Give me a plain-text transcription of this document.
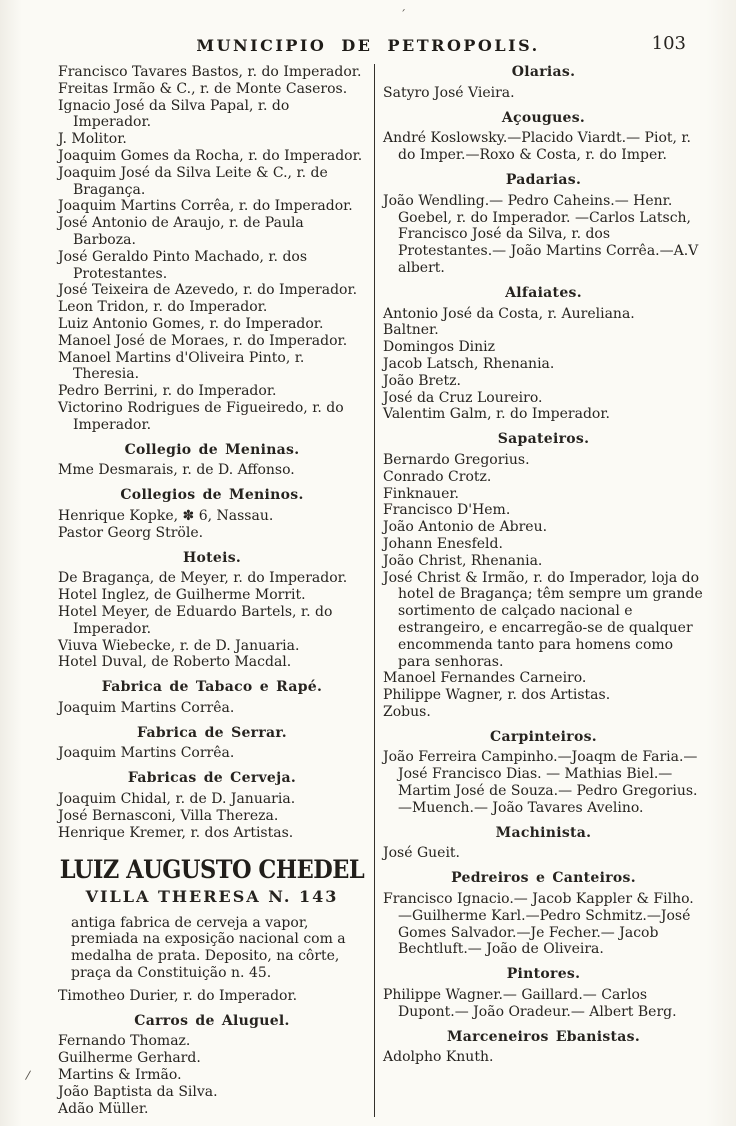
´
∕
MUNICIPIO DE PETROPOLIS.	103

Francisco Tavares Bastos, r. do Imperador.

Freitas Irmão & C., r. de Monte Caseros.

Ignacio José da Silva Papal, r. do Imperador.

J. Molitor.

Joaquim Gomes da Rocha, r. do Imperador.

Joaquim José da Silva Leite & C., r. de Bragança.

Joaquim Martins Corrêa, r. do Imperador.

José Antonio de Araujo, r. de Paula Barboza.

José Geraldo Pinto Machado, r. dos Protestantes.

José Teixeira de Azevedo, r. do Imperador.

Leon Tridon, r. do Imperador.

Luiz Antonio Gomes, r. do Imperador.

Manoel José de Moraes, r. do Imperador.

Manoel Martins d'Oliveira Pinto, r. Theresia.

Pedro Berrini, r. do Imperador.

Victorino Rodrigues de Figueiredo, r. do Imperador.

Collegio de Meninas.

Mme Desmarais, r. de D. Affonso.

Collegios de Meninos.

Henrique Kopke, ✽ 6, Nassau.

Pastor Georg Ströle.

Hoteis.

De Bragança, de Meyer, r. do Imperador.

Hotel Inglez, de Guilherme Morrit.

Hotel Meyer, de Eduardo Bartels, r. do Imperador.

Viuva Wiebecke, r. de D. Januaria.

Hotel Duval, de Roberto Macdal.

Fabrica de Tabaco e Rapé.

Joaquim Martins Corrêa.

Fabrica de Serrar.

Joaquim Martins Corrêa.

Fabricas de Cerveja.

Joaquim Chidal, r. de D. Januaria.

José Bernasconi, Villa Thereza.

Henrique Kremer, r. dos Artistas.

LUIZ AUGUSTO CHEDEL
VILLA THERESA N. 143

antiga fabrica de cerveja a vapor, premiada na exposição nacional com a medalha de prata. Deposito, na côrte, praça da Constituição n. 45.

Timotheo Durier, r. do Imperador.

Carros de Aluguel.

Fernando Thomaz.

Guilherme Gerhard.

Martins & Irmão.

João Baptista da Silva.

Adão Müller.

Olarias.

Satyro José Vieira.

Açougues.

André Koslowsky.—Placido Viardt.— Piot, r. do Imper.—Roxo & Costa, r. do Imper.

Padarias.

João Wendling.— Pedro Caheins.— Henr. Goebel, r. do Imperador. —Carlos Latsch, Francisco José da Silva, r. dos Protestantes.— João Martins Corrêa.—A.V albert.

Alfaiates.

Antonio José da Costa, r. Aureliana.

Baltner.

Domingos Diniz

Jacob Latsch, Rhenania.

João Bretz.

José da Cruz Loureiro.

Valentim Galm, r. do Imperador.

Sapateiros.

Bernardo Gregorius.

Conrado Crotz.

Finknauer.

Francisco D'Hem.

João Antonio de Abreu.

Johann Enesfeld.

João Christ, Rhenania.

José Christ & Irmão, r. do Imperador, loja do hotel de Bragança; têm sempre um grande sortimento de calçado nacional e estrangeiro, e encarregão-se de qualquer encommenda tanto para homens como para senhoras.

Manoel Fernandes Carneiro.

Philippe Wagner, r. dos Artistas.

Zobus.

Carpinteiros.

João Ferreira Campinho.—Joaqm de Faria.— José Francisco Dias. — Mathias Biel.— Martim José de Souza.— Pedro Gregorius.—Muench.— João Tavares Avelino.

Machinista.

José Gueit.

Pedreiros e Canteiros.

Francisco Ignacio.— Jacob Kappler & Filho.—Guilherme Karl.—Pedro Schmitz.—José Gomes Salvador.—Je Fecher.— Jacob Bechtluft.— João de Oliveira.

Pintores.

Philippe Wagner.— Gaillard.— Carlos Dupont.— João Oradeur.— Albert Berg.

Marceneiros Ebanistas.

Adolpho Knuth.
